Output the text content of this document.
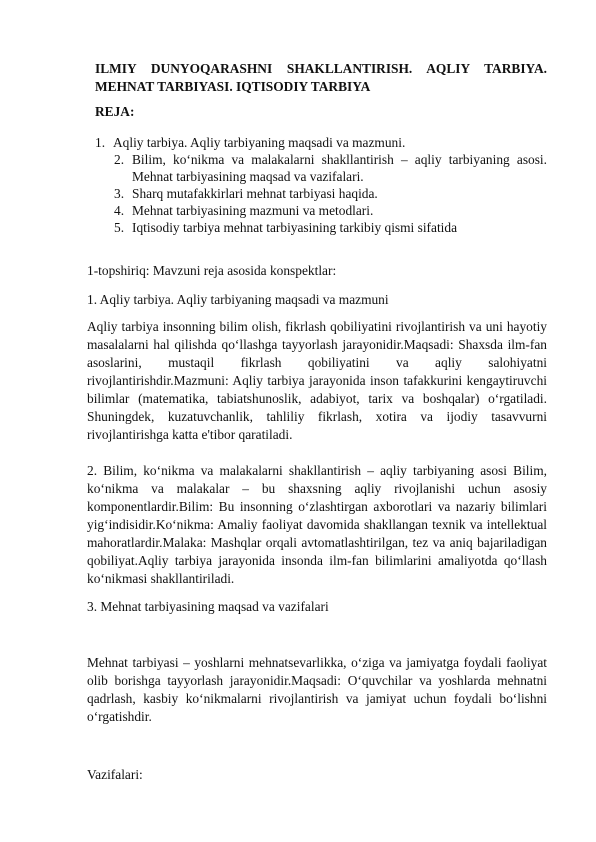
ILMIY DUNYOQARASHNI SHAKLLANTIRISH. AQLIY TARBIYA.
MEHNAT TARBIYASI. IQTISODIY TARBIYA

REJA:

1. Aqliy tarbiya. Aqliy tarbiyaning maqsadi va mazmuni.
2. Bilim, ko‘nikma va malakalarni shakllantirish – aqliy tarbiyaning asosi. Mehnat tarbiyasining maqsad va vazifalari.
3. Sharq mutafakkirlari mehnat tarbiyasi haqida.
4. Mehnat tarbiyasining mazmuni va metodlari.
5. Iqtisodiy tarbiya mehnat tarbiyasining tarkibiy qismi sifatida

1-topshiriq: Mavzuni reja asosida konspektlar:

1. Aqliy tarbiya. Aqliy tarbiyaning maqsadi va mazmuni

Aqliy tarbiya insonning bilim olish, fikrlash qobiliyatini rivojlantirish va uni hayotiy masalalarni hal qilishda qo‘llashga tayyorlash jarayonidir.Maqsadi: Shaxsda ilm-fan asoslarini, mustaqil fikrlash qobiliyatini va aqliy salohiyatni rivojlantirishdir.Mazmuni: Aqliy tarbiya jarayonida inson tafakkurini kengaytiruvchi bilimlar (matematika, tabiatshunoslik, adabiyot, tarix va boshqalar) o‘rgatiladi. Shuningdek, kuzatuvchanlik, tahliliy fikrlash, xotira va ijodiy tasavvurni rivojlantirishga katta e'tibor qaratiladi.

2. Bilim, ko‘nikma va malakalarni shakllantirish – aqliy tarbiyaning asosi Bilim, ko‘nikma va malakalar – bu shaxsning aqliy rivojlanishi uchun asosiy komponentlardir.Bilim: Bu insonning o‘zlashtirgan axborotlari va nazariy bilimlari yig‘indisidir.Ko‘nikma: Amaliy faoliyat davomida shakllangan texnik va intellektual mahoratlardir.Malaka: Mashqlar orqali avtomatlashtirilgan, tez va aniq bajariladigan qobiliyat.Aqliy tarbiya jarayonida insonda ilm-fan bilimlarini amaliyotda qo‘llash ko‘nikmasi shakllantiriladi.

3. Mehnat tarbiyasining maqsad va vazifalari

Mehnat tarbiyasi – yoshlarni mehnatsevarlikka, o‘ziga va jamiyatga foydali faoliyat olib borishga tayyorlash jarayonidir.Maqsadi: O‘quvchilar va yoshlarda mehnatni qadrlash, kasbiy ko‘nikmalarni rivojlantirish va jamiyat uchun foydali bo‘lishni o‘rgatishdir.

Vazifalari:
